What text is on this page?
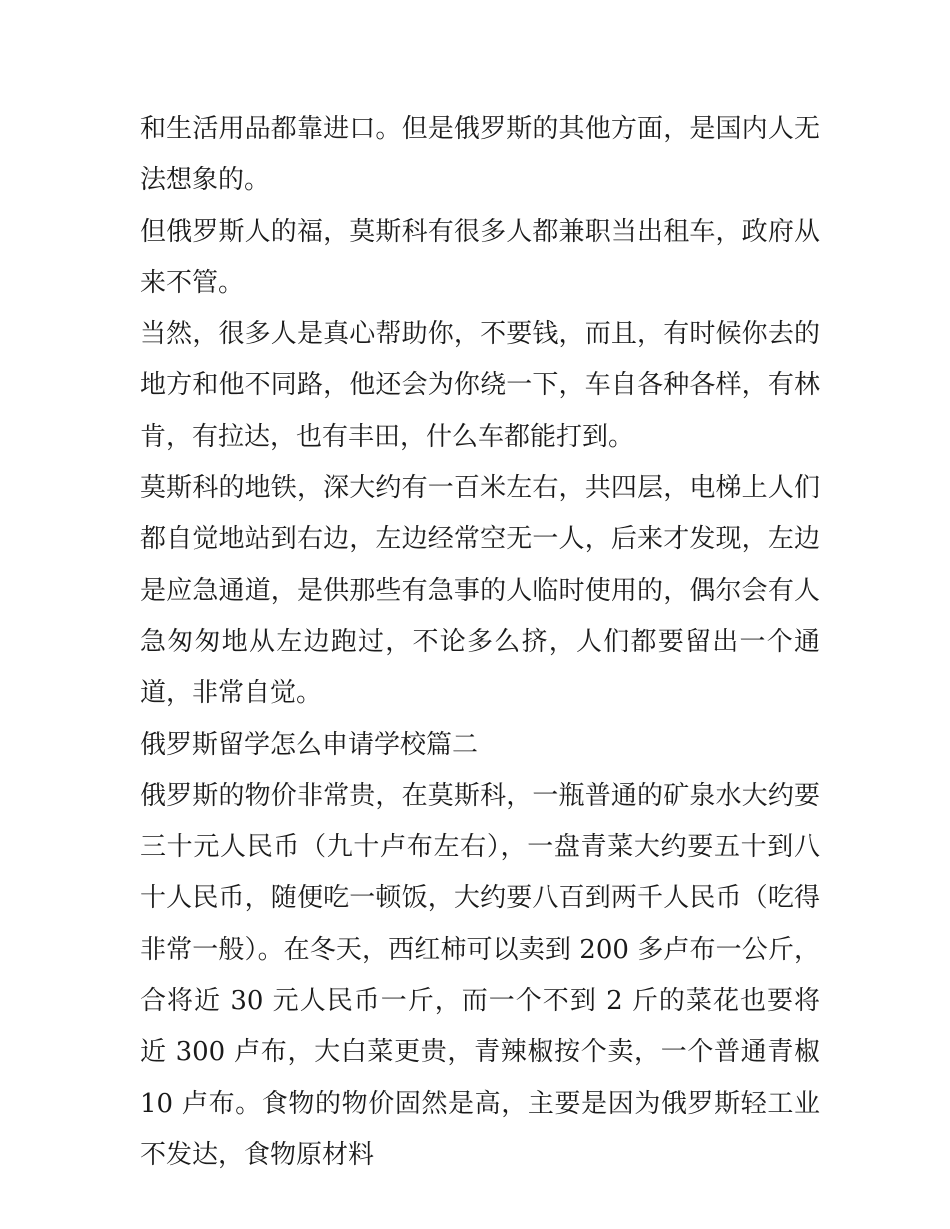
和生活用品都靠进口。但是俄罗斯的其他方面，是国内人无法想象的。

但俄罗斯人的福，莫斯科有很多人都兼职当出租车，政府从来不管。

当然，很多人是真心帮助你，不要钱，而且，有时候你去的地方和他不同路，他还会为你绕一下，车自各种各样，有林肯，有拉达，也有丰田，什么车都能打到。

莫斯科的地铁，深大约有一百米左右，共四层，电梯上人们都自觉地站到右边，左边经常空无一人，后来才发现，左边是应急通道，是供那些有急事的人临时使用的，偶尔会有人急匆匆地从左边跑过，不论多么挤，人们都要留出一个通道，非常自觉。

俄罗斯留学怎么申请学校篇二

俄罗斯的物价非常贵，在莫斯科，一瓶普通的矿泉水大约要三十元人民币（九十卢布左右），一盘青菜大约要五十到八十人民币，随便吃一顿饭，大约要八百到两千人民币（吃得非常一般）。在冬天，西红柿可以卖到 200 多卢布一公斤，合将近 30 元人民币一斤，而一个不到 2 斤的菜花也要将近 300 卢布，大白菜更贵，青辣椒按个卖，一个普通青椒 10 卢布。食物的物价固然是高，主要是因为俄罗斯轻工业不发达，食物原材料
